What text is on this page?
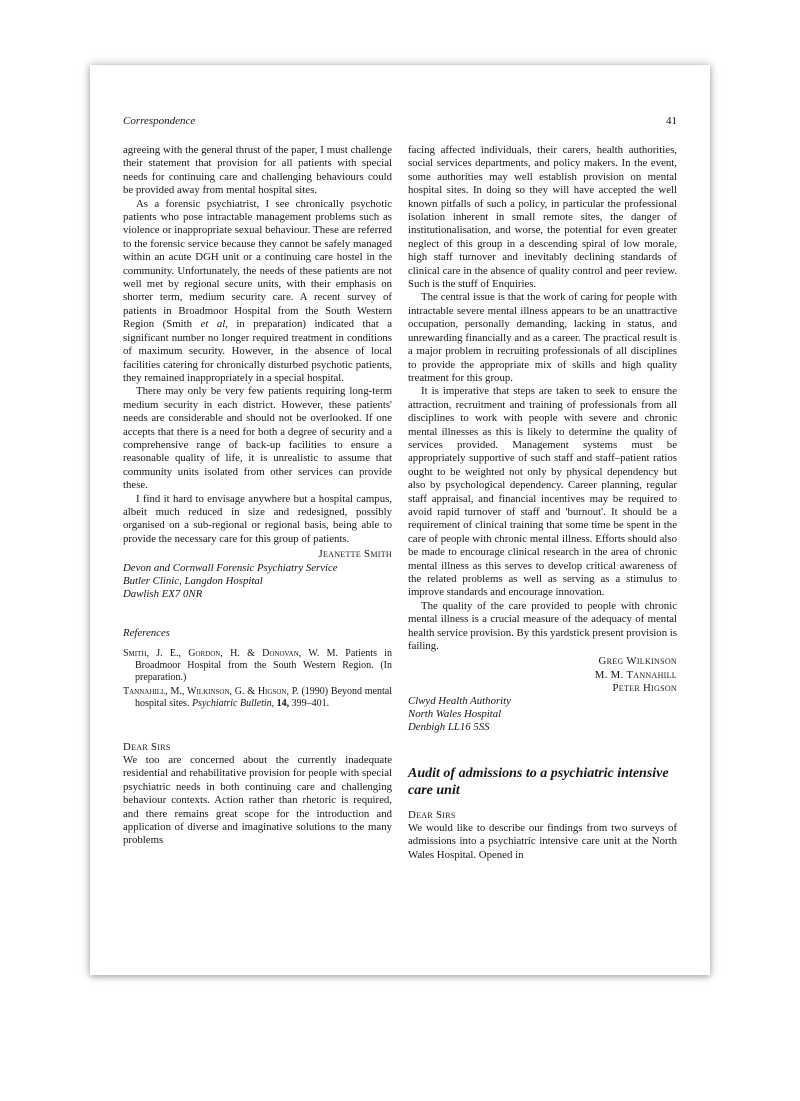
Correspondence	41

agreeing with the general thrust of the paper, I must challenge their statement that provision for all patients with special needs for continuing care and challenging behaviours could be provided away from mental hospital sites.

As a forensic psychiatrist, I see chronically psychotic patients who pose intractable management problems such as violence or inappropriate sexual behaviour. These are referred to the forensic service because they cannot be safely managed within an acute DGH unit or a continuing care hostel in the community. Unfortunately, the needs of these patients are not well met by regional secure units, with their emphasis on shorter term, medium security care. A recent survey of patients in Broadmoor Hospital from the South Western Region (Smith et al, in preparation) indicated that a significant number no longer required treatment in conditions of maximum security. However, in the absence of local facilities catering for chronically disturbed psychotic patients, they remained inappropriately in a special hospital.

There may only be very few patients requiring long-term medium security in each district. However, these patients' needs are considerable and should not be overlooked. If one accepts that there is a need for both a degree of security and a comprehensive range of back-up facilities to ensure a reasonable quality of life, it is unrealistic to assume that community units isolated from other services can provide these.

I find it hard to envisage anywhere but a hospital campus, albeit much reduced in size and redesigned, possibly organised on a sub-regional or regional basis, being able to provide the necessary care for this group of patients.

Jeanette Smith

Devon and Cornwall Forensic Psychiatry Service
Butler Clinic, Langdon Hospital
Dawlish EX7 0NR
References

Smith, J. E., Gordon, H. & Donovan, W. M. Patients in Broadmoor Hospital from the South Western Region. (In preparation.)

Tannahill, M., Wilkinson, G. & Higson, P. (1990) Beyond mental hospital sites. Psychiatric Bulletin, 14, 399–401.

Dear Sirs

We too are concerned about the currently inadequate residential and rehabilitative provision for people with special psychiatric needs in both continuing care and challenging behaviour contexts. Action rather than rhetoric is required, and there remains great scope for the introduction and application of diverse and imaginative solutions to the many problems

facing affected individuals, their carers, health authorities, social services departments, and policy makers. In the event, some authorities may well establish provision on mental hospital sites. In doing so they will have accepted the well known pitfalls of such a policy, in particular the professional isolation inherent in small remote sites, the danger of institutionalisation, and worse, the potential for even greater neglect of this group in a descending spiral of low morale, high staff turnover and inevitably declining standards of clinical care in the absence of quality control and peer review. Such is the stuff of Enquiries.

The central issue is that the work of caring for people with intractable severe mental illness appears to be an unattractive occupation, personally demanding, lacking in status, and unrewarding financially and as a career. The practical result is a major problem in recruiting professionals of all disciplines to provide the appropriate mix of skills and high quality treatment for this group.

It is imperative that steps are taken to seek to ensure the attraction, recruitment and training of professionals from all disciplines to work with people with severe and chronic mental illnesses as this is likely to determine the quality of services provided. Management systems must be appropriately supportive of such staff and staff–patient ratios ought to be weighted not only by physical dependency but also by psychological dependency. Career planning, regular staff appraisal, and financial incentives may be required to avoid rapid turnover of staff and 'burnout'. It should be a requirement of clinical training that some time be spent in the care of people with chronic mental illness. Efforts should also be made to encourage clinical research in the area of chronic mental illness as this serves to develop critical awareness of the related problems as well as serving as a stimulus to improve standards and encourage innovation.

The quality of the care provided to people with chronic mental illness is a crucial measure of the adequacy of mental health service provision. By this yardstick present provision is failing.

Greg Wilkinson
M. M. Tannahill
Peter Higson
Clwyd Health Authority
North Wales Hospital
Denbigh LL16 5SS
Audit of admissions to a psychiatric intensive care unit

Dear Sirs

We would like to describe our findings from two surveys of admissions into a psychiatric intensive care unit at the North Wales Hospital. Opened in
